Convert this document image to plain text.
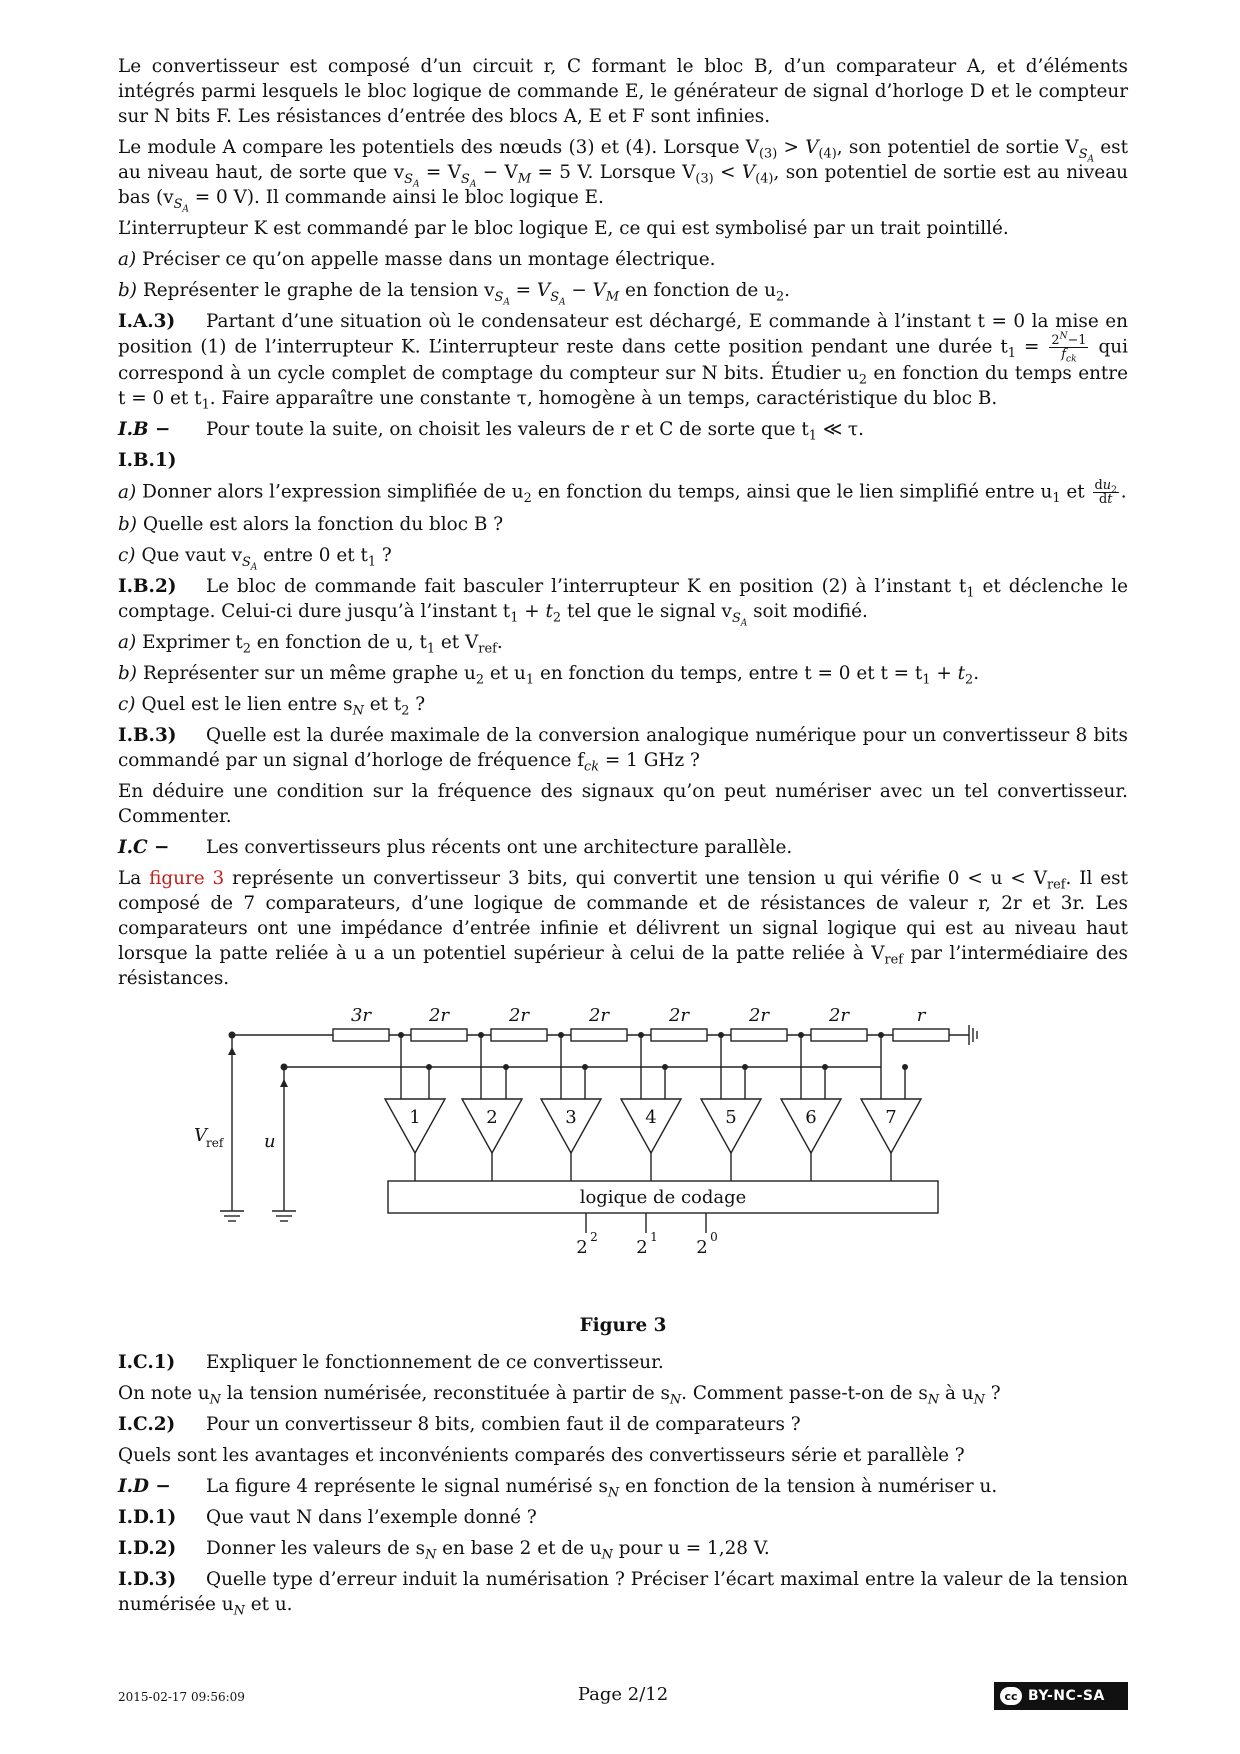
Le convertisseur est composé d’un circuit r, C formant le bloc B, d’un comparateur A, et d’éléments intégrés parmi lesquels le bloc logique de commande E, le générateur de signal d’horloge D et le compteur sur N bits F. Les résistances d’entrée des blocs A, E et F sont infinies.

Le module A compare les potentiels des nœuds (3) et (4). Lorsque $V_{(3)} > V_{(4)}$, son potentiel de sortie $V_{S_A}$ est au niveau haut, de sorte que $v_{S_A} = V_{S_A} - V_M = 5$ V. Lorsque $V_{(3)} < V_{(4)}$, son potentiel de sortie est au niveau bas ($v_{S_A} = 0$ V). Il commande ainsi le bloc logique E.

L’interrupteur K est commandé par le bloc logique E, ce qui est symbolisé par un trait pointillé.

a) Préciser ce qu’on appelle masse dans un montage électrique.

b) Représenter le graphe de la tension $v_{S_A} = V_{S_A} - V_M$ en fonction de $u_2$.

I.A.3) Partant d’une situation où le condensateur est déchargé, E commande à l’instant t = 0 la mise en position (1) de l’interrupteur K. L’interrupteur reste dans cette position pendant une durée $t_1 = \frac{2^N-1}{f_{ck}}$ qui correspond à un cycle complet de comptage du compteur sur N bits. Étudier $u_2$ en fonction du temps entre t = 0 et $t_1$. Faire apparaître une constante τ, homogène à un temps, caractéristique du bloc B.

I.B − Pour toute la suite, on choisit les valeurs de r et C de sorte que $t_1$ ≪ τ.

I.B.1)

a) Donner alors l’expression simplifiée de $u_2$ en fonction du temps, ainsi que le lien simplifié entre $u_1$ et $\frac{du_2}{dt}$ .

b) Quelle est alors la fonction du bloc B ?

c) Que vaut $v_{S_A}$ entre 0 et $t_1$ ?

I.B.2) Le bloc de commande fait basculer l’interrupteur K en position (2) à l’instant $t_1$ et déclenche le comptage. Celui-ci dure jusqu’à l’instant $t_1 + t_2$ tel que le signal $v_{S_A}$ soit modifié.

a) Exprimer $t_2$ en fonction de u, $t_1$ et $V_{ref}$.

b) Représenter sur un même graphe $u_2$ et $u_1$ en fonction du temps, entre t = 0 et $t = t_1 + t_2$.

c) Quel est le lien entre $s_N$ et $t_2$ ?

I.B.3) Quelle est la durée maximale de la conversion analogique numérique pour un convertisseur 8 bits commandé par un signal d’horloge de fréquence $f_{ck} = 1$ GHz ?

En déduire une condition sur la fréquence des signaux qu’on peut numériser avec un tel convertisseur. Commenter.

I.C − Les convertisseurs plus récents ont une architecture parallèle.

La figure 3 représente un convertisseur 3 bits, qui convertit une tension u qui vérifie $0 < u < V_{ref}$. Il est composé de 7 comparateurs, d’une logique de commande et de résistances de valeur r, 2r et 3r. Les comparateurs ont une impédance d’entrée infinie et délivrent un signal logique qui est au niveau haut lorsque la patte reliée à u a un potentiel supérieur à celui de la patte reliée à $V_{ref}$ par l’intermédiaire des résistances.

3r	2r	2r	2r	2r	2r	2r	r
1	2	3	4	5	6	7
logique de codage
2 2 2 1 2 0
V ref u
Figure 3

I.C.1) Expliquer le fonctionnement de ce convertisseur.

On note $u_N$ la tension numérisée, reconstituée à partir de $s_N$. Comment passe-t-on de $s_N$ à $u_N$ ?

I.C.2) Pour un convertisseur 8 bits, combien faut il de comparateurs ?

Quels sont les avantages et inconvénients comparés des convertisseurs série et parallèle ?

I.D − La figure 4 représente le signal numérisé $s_N$ en fonction de la tension à numériser u.

I.D.1) Que vaut N dans l’exemple donné ?

I.D.2) Donner les valeurs de $s_N$ en base 2 et de $u_N$ pour u = 1,28 V.

I.D.3) Quelle type d’erreur induit la numérisation ? Préciser l’écart maximal entre la valeur de la tension numérisée $u_N$ et u.

2015-02-17 09:56:09	Page 2/12	cc BY-NC-SA
